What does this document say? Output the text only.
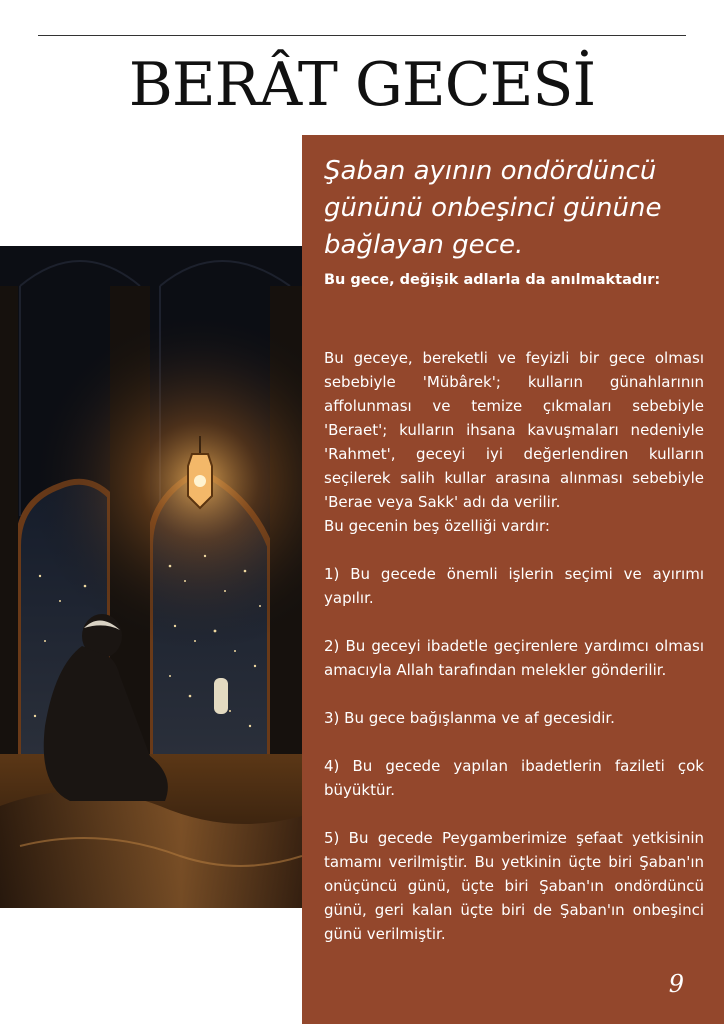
BERÂT GECESİ
Şaban ayının ondördüncü gününü onbeşinci gününe bağlayan gece.

Bu gece, değişik adlarla da anılmaktadır:

Bu geceye, bereketli ve feyizli bir gece olması sebebiyle 'Mübârek'; kulların günahlarının affolunması ve temize çıkmaları sebebiyle 'Beraet'; kulların ihsana kavuşmaları nedeniyle 'Rahmet', geceyi iyi değerlendiren kulların seçilerek salih kullar arasına alınması sebebiyle 'Berae veya Sakk' adı da verilir.

Bu gecenin beş özelliği vardır:

1) Bu gecede önemli işlerin seçimi ve ayırımı yapılır.

2) Bu geceyi ibadetle geçirenlere yardımcı olması amacıyla Allah tarafından melekler gönderilir.

3) Bu gece bağışlanma ve af gecesidir.

4) Bu gecede yapılan ibadetlerin fazileti çok büyüktür.

5) Bu gecede Peygamberimize şefaat yetkisinin tamamı verilmiştir. Bu yetkinin üçte biri Şaban'ın onüçüncü günü, üçte biri Şaban'ın ondördüncü günü, geri kalan üçte biri de Şaban'ın onbeşinci günü verilmiştir.

9
